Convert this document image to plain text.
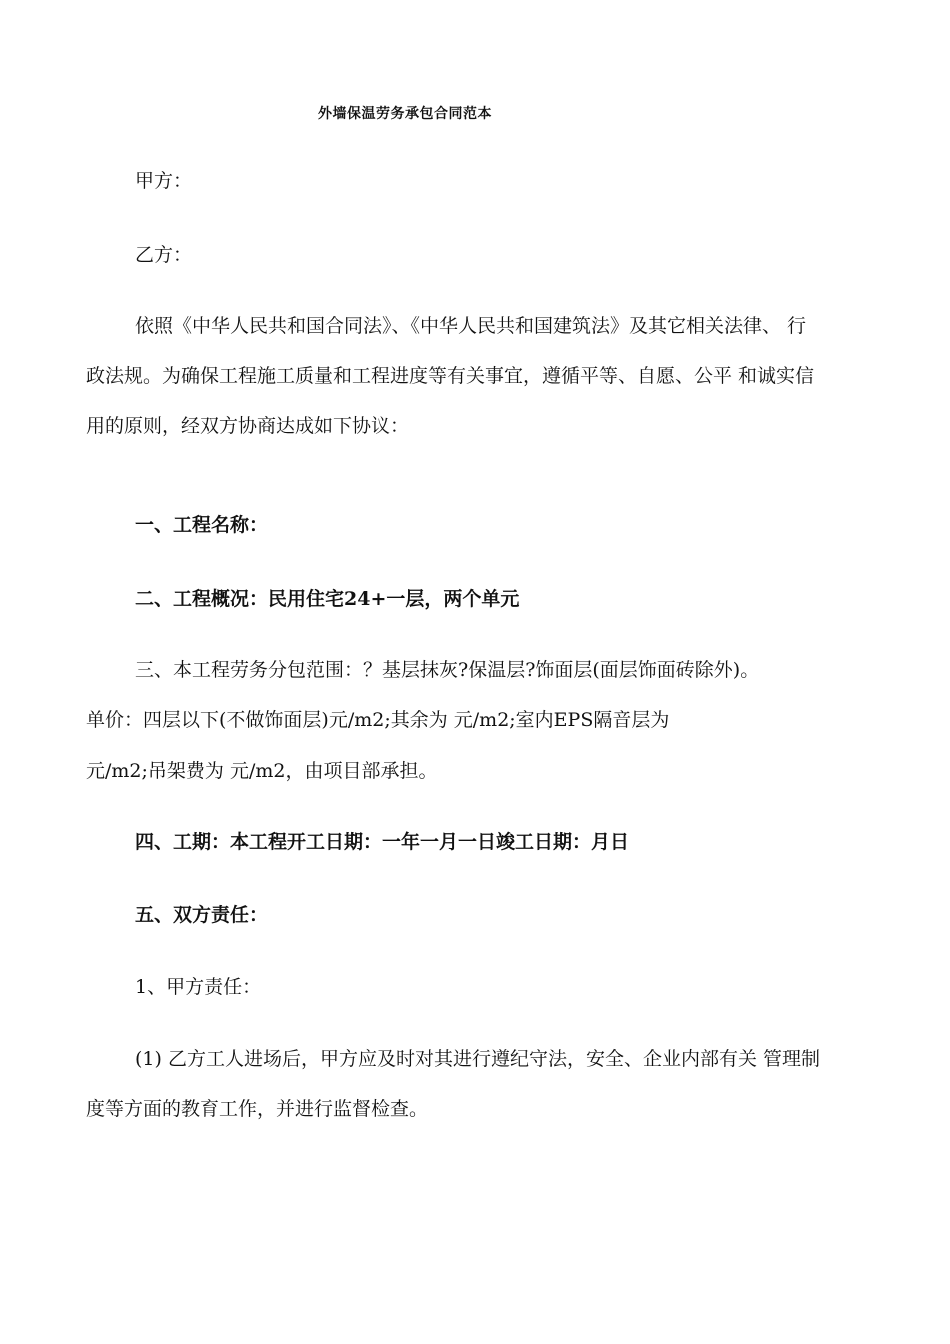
外墙保温劳务承包合同范本
甲方：
乙方：
依照《中华人民共和国合同法》、《中华人民共和国建筑法》及其它相关法律、 行
政法规。为确保工程施工质量和工程进度等有关事宜，遵循平等、自愿、公平 和诚实信
用的原则，经双方协商达成如下协议：
一、工程名称：
二、工程概况：民用住宅24+一层，两个单元
三、本工程劳务分包范围：？基层抹灰?保温层?饰面层(面层饰面砖除外)。
单价：四层以下(不做饰面层)元/m2;其余为 元/m2;室内EPS隔音层为
元/m2;吊架费为 元/m2，由项目部承担。
四、工期：本工程开工日期：一年一月一日竣工日期：月日
五、双方责任：
1、甲方责任：
(1) 乙方工人进场后，甲方应及时对其进行遵纪守法，安全、企业内部有关 管理制
度等方面的教育工作，并进行监督检查。
